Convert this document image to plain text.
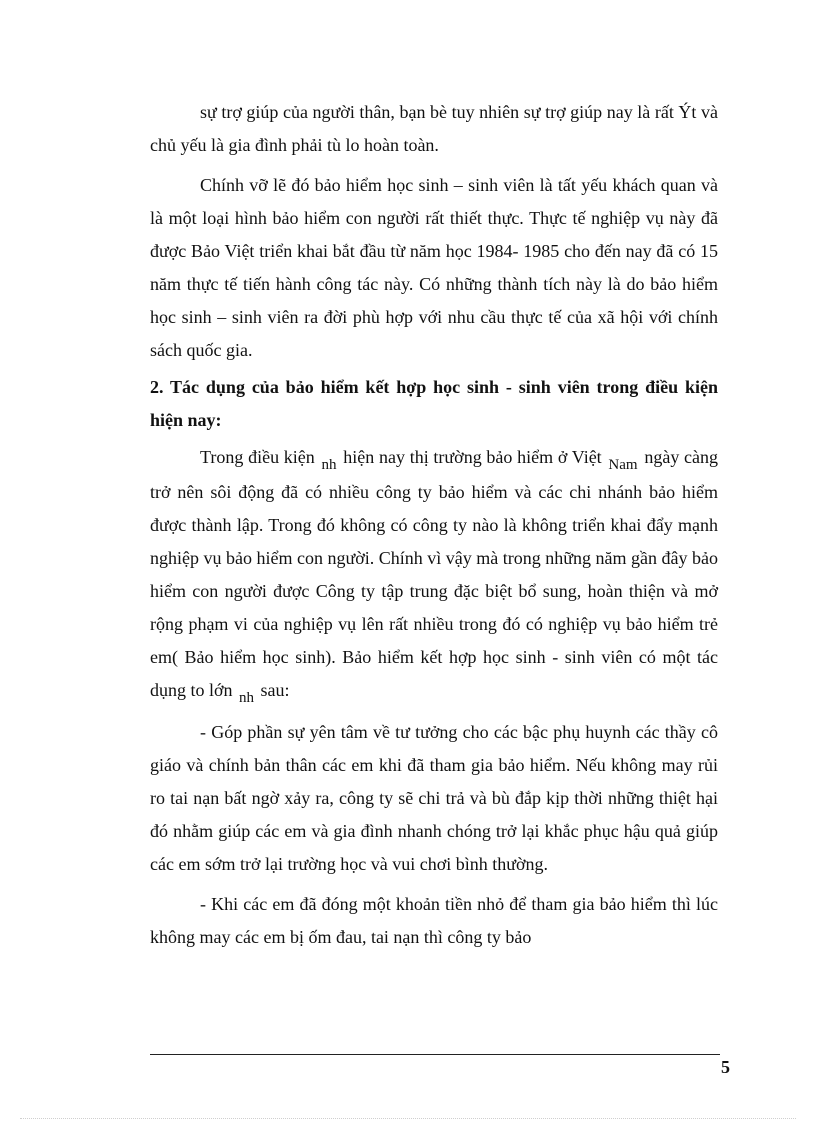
sự trợ giúp của người thân, bạn bè tuy nhiên sự trợ giúp nay là rất Ýt và chủ yếu là gia đình phải tù lo hoàn toàn.

Chính vỡ lẽ đó bảo hiểm học sinh – sinh viên là tất yếu khách quan và là một loại hình bảo hiểm con người rất thiết thực. Thực tế nghiệp vụ này đã được Bảo Việt triển khai bắt đầu từ năm học 1984- 1985 cho đến nay đã có 15 năm thực tế tiến hành công tác này. Có những thành tích này là do bảo hiểm học sinh – sinh viên ra đời phù hợp với nhu cầu thực tế của xã hội với chính sách quốc gia.

2. Tác dụng của bảo hiểm kết hợp học sinh - sinh viên trong điều kiện hiện nay:

Trong điều kiện $_{nh}$ hiện nay thị trường bảo hiểm ở Việt $_{Nam}$ ngày càng trở nên sôi động đã có nhiều công ty bảo hiểm và các chi nhánh bảo hiểm được thành lập. Trong đó không có công ty nào là không triển khai đẩy mạnh nghiệp vụ bảo hiểm con người. Chính vì vậy mà trong những năm gần đây bảo hiểm con người được Công ty tập trung đặc biệt bổ sung, hoàn thiện và mở rộng phạm vi của nghiệp vụ lên rất nhiều trong đó có nghiệp vụ bảo hiểm trẻ em( Bảo hiểm học sinh). Bảo hiểm kết hợp học sinh - sinh viên có một tác dụng to lớn $_{nh}$ sau:

- Góp phần sự yên tâm về tư tưởng cho các bậc phụ huynh các thầy cô giáo và chính bản thân các em khi đã tham gia bảo hiểm. Nếu không may rủi ro tai nạn bất ngờ xảy ra, công ty sẽ chi trả và bù đắp kịp thời những thiệt hại đó nhằm giúp các em và gia đình nhanh chóng trở lại khắc phục hậu quả giúp các em sớm trở lại trường học và vui chơi bình thường.

- Khi các em đã đóng một khoản tiền nhỏ để tham gia bảo hiểm thì lúc không may các em bị ốm đau, tai nạn thì công ty bảo

5
